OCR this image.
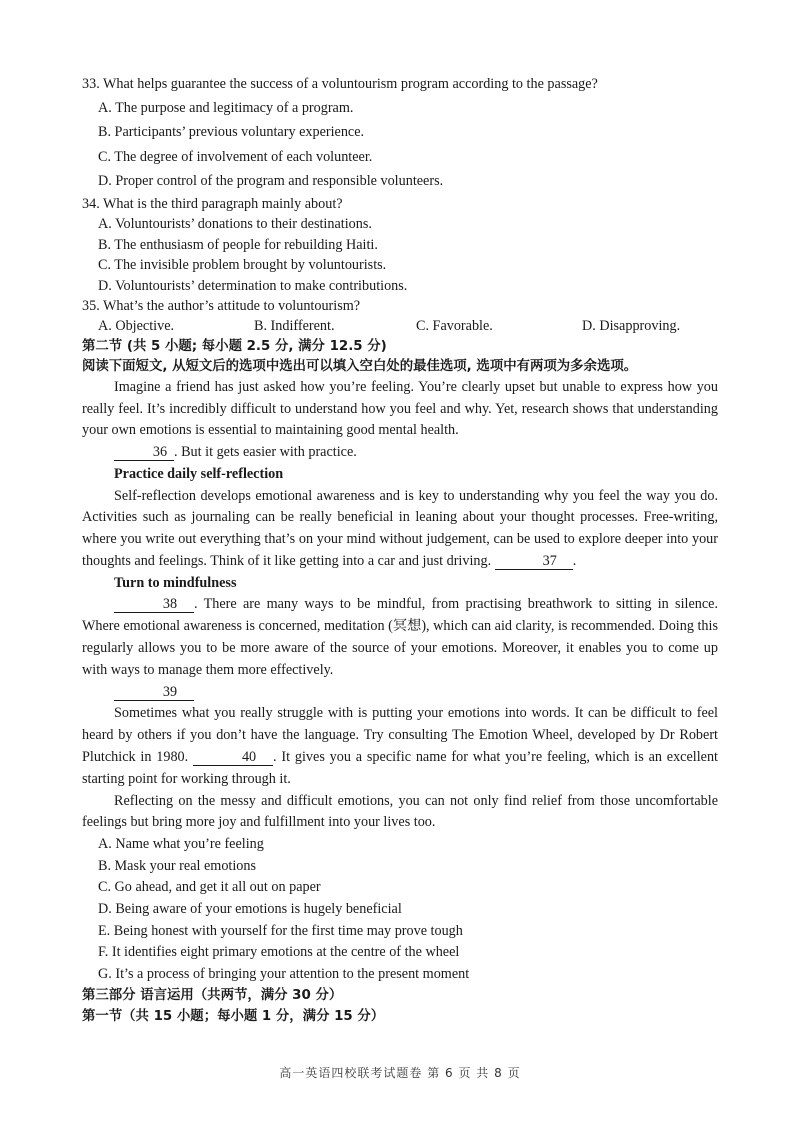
33. What helps guarantee the success of a voluntourism program according to the passage?
A. The purpose and legitimacy of a program.
B. Participants’ previous voluntary experience.
C. The degree of involvement of each volunteer.
D. Proper control of the program and responsible volunteers.
34. What is the third paragraph mainly about?
A. Voluntourists’ donations to their destinations.
B. The enthusiasm of people for rebuilding Haiti.
C. The invisible problem brought by voluntourists.
D. Voluntourists’ determination to make contributions.
35. What’s the author’s attitude to voluntourism?
A. Objective.	B. Indifferent.	C. Favorable.	D. Disapproving.
第二节 (共 5 小题; 每小题 2.5 分, 满分 12.5 分)
阅读下面短文, 从短文后的选项中选出可以填入空白处的最佳选项, 选项中有两项为多余选项。
Imagine a friend has just asked how you’re feeling. You’re clearly upset but unable to express how you really feel. It’s incredibly difficult to understand how you feel and why. Yet, research shows that understanding your own emotions is essential to maintaining good mental health.
36 . But it gets easier with practice.
Practice daily self-reflection
Self-reflection develops emotional awareness and is key to understanding why you feel the way you do. Activities such as journaling can be really beneficial in leaning about your thought processes. Free-writing, where you write out everything that’s on your mind without judgement, can be used to explore deeper into your thoughts and feelings. Think of it like getting into a car and just driving.	37 .
Turn to mindfulness
38 . There are many ways to be mindful, from practising breathwork to sitting in silence. Where emotional awareness is concerned, meditation (冥想), which can aid clarity, is recommended. Doing this regularly allows you to be more aware of the source of your emotions. Moreover, it enables you to come up with ways to manage them more effectively.
39
Sometimes what you really struggle with is putting your emotions into words. It can be difficult to feel heard by others if you don’t have the language. Try consulting The Emotion Wheel, developed by Dr Robert Plutchick in 1980.	40 . It gives you a specific name for what you’re feeling, which is an excellent starting point for working through it.
Reflecting on the messy and difficult emotions, you can not only find relief from those uncomfortable feelings but bring more joy and fulfillment into your lives too.
A. Name what you’re feeling
B. Mask your real emotions
C. Go ahead, and get it all out on paper
D. Being aware of your emotions is hugely beneficial
E. Being honest with yourself for the first time may prove tough
F. It identifies eight primary emotions at the centre of the wheel
G. It’s a process of bringing your attention to the present moment
第三部分 语言运用（共两节，满分 30 分）
第一节（共 15 小题；每小题 1 分，满分 15 分）
高一英语四校联考试题卷 第 6 页 共 8 页
